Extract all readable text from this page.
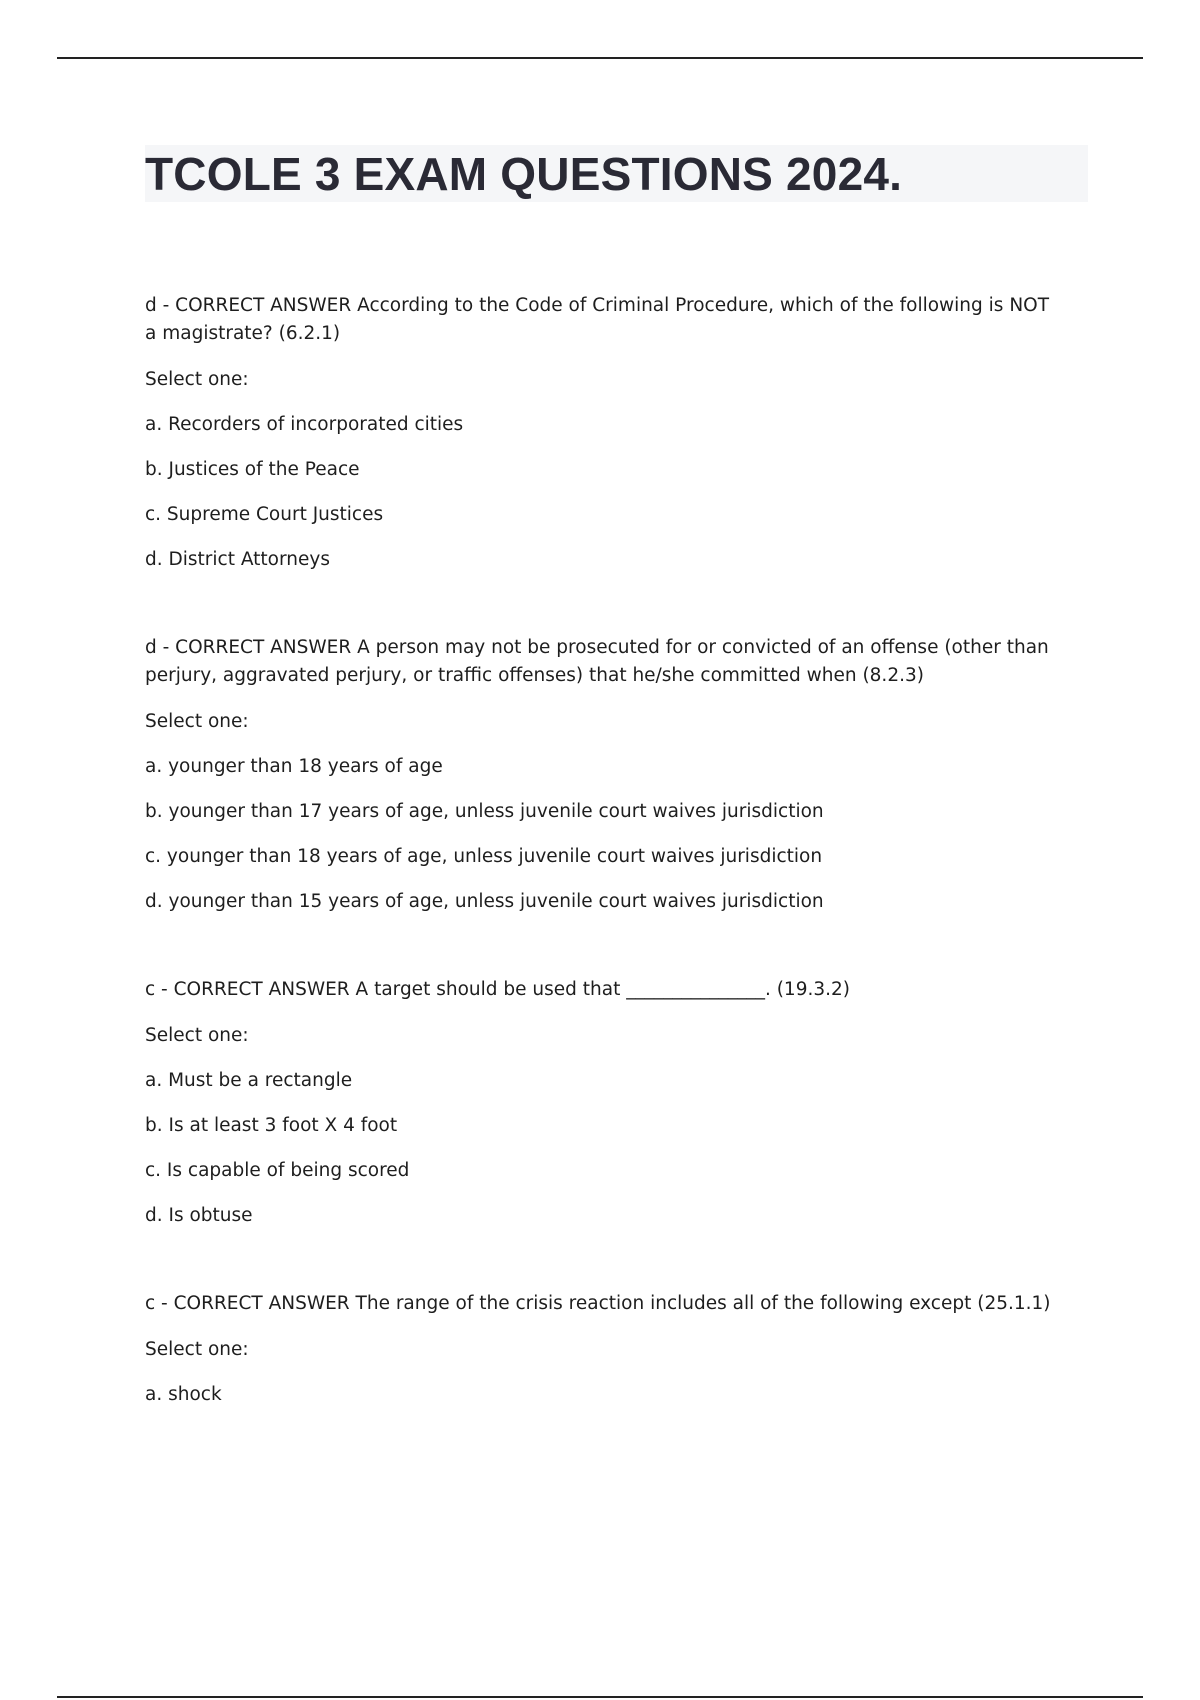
TCOLE 3 EXAM QUESTIONS 2024.

d - CORRECT ANSWER According to the Code of Criminal Procedure, which of the following is NOT a magistrate? (6.2.1)

Select one:

a. Recorders of incorporated cities

b. Justices of the Peace

c. Supreme Court Justices

d. District Attorneys

d - CORRECT ANSWER A person may not be prosecuted for or convicted of an offense (other than perjury, aggravated perjury, or traffic offenses) that he/she committed when (8.2.3)

Select one:

a. younger than 18 years of age

b. younger than 17 years of age, unless juvenile court waives jurisdiction

c. younger than 18 years of age, unless juvenile court waives jurisdiction

d. younger than 15 years of age, unless juvenile court waives jurisdiction

c - CORRECT ANSWER A target should be used that _______________. (19.3.2)

Select one:

a. Must be a rectangle

b. Is at least 3 foot X 4 foot

c. Is capable of being scored

d. Is obtuse

c - CORRECT ANSWER The range of the crisis reaction includes all of the following except (25.1.1)

Select one:

a. shock
